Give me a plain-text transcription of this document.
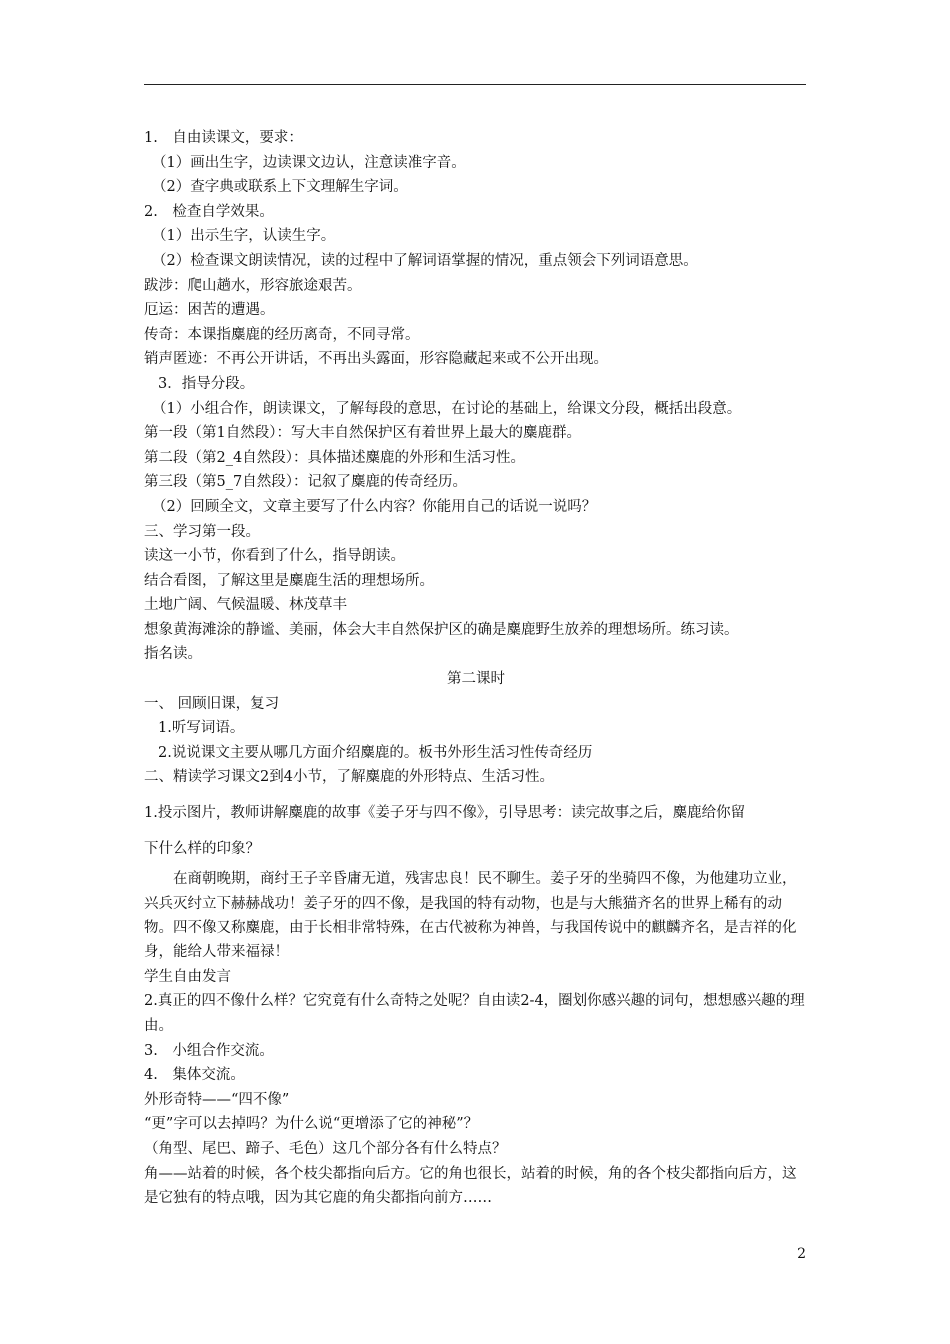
1.　自由读课文，要求：
（1）画出生字，边读课文边认，注意读准字音。
（2）查字典或联系上下文理解生字词。
2.　检查自学效果。
（1）出示生字，认读生字。
（2）检查课文朗读情况，读的过程中了解词语掌握的情况，重点领会下列词语意思。
跋涉：爬山趟水，形容旅途艰苦。
厄运：困苦的遭遇。
传奇：本课指麋鹿的经历离奇，不同寻常。
销声匿迹：不再公开讲话，不再出头露面，形容隐藏起来或不公开出现。
3．指导分段。
（1）小组合作，朗读课文，了解每段的意思，在讨论的基础上，给课文分段，概括出段意。
第一段（第1自然段）：写大丰自然保护区有着世界上最大的麋鹿群。
第二段（第2_4自然段）：具体描述麋鹿的外形和生活习性。
第三段（第5_7自然段）：记叙了麋鹿的传奇经历。
（2）回顾全文，文章主要写了什么内容？你能用自己的话说一说吗？
三、学习第一段。
读这一小节，你看到了什么，指导朗读。
结合看图，了解这里是麋鹿生活的理想场所。
土地广阔、气候温暖、林茂草丰
想象黄海滩涂的静谧、美丽，体会大丰自然保护区的确是麋鹿野生放养的理想场所。练习读。
指名读。
第二课时
一、 回顾旧课，复习
1.听写词语。
2.说说课文主要从哪几方面介绍麋鹿的。板书外形生活习性传奇经历
二、精读学习课文2到4小节，了解麋鹿的外形特点、生活习性。
1.投示图片，教师讲解麋鹿的故事《姜子牙与四不像》，引导思考：读完故事之后，麋鹿给你留
下什么样的印象？
在商朝晚期，商纣王子辛昏庸无道，残害忠良！民不聊生。姜子牙的坐骑四不像，为他建功立业，兴兵灭纣立下赫赫战功！姜子牙的四不像，是我国的特有动物，也是与大熊猫齐名的世界上稀有的动物。四不像又称麋鹿，由于长相非常特殊，在古代被称为神兽，与我国传说中的麒麟齐名，是吉祥的化身，能给人带来福禄！
学生自由发言
2.真正的四不像什么样？它究竟有什么奇特之处呢？自由读2-4，圈划你感兴趣的词句，想想感兴趣的理由。
3.　小组合作交流。
4.　集体交流。
外形奇特——“四不像”
“更”字可以去掉吗？为什么说“更增添了它的神秘”？
（角型、尾巴、蹄子、毛色）这几个部分各有什么特点？
角——站着的时候，各个枝尖都指向后方。它的角也很长，站着的时候，角的各个枝尖都指向后方，这是它独有的特点哦，因为其它鹿的角尖都指向前方……
2
